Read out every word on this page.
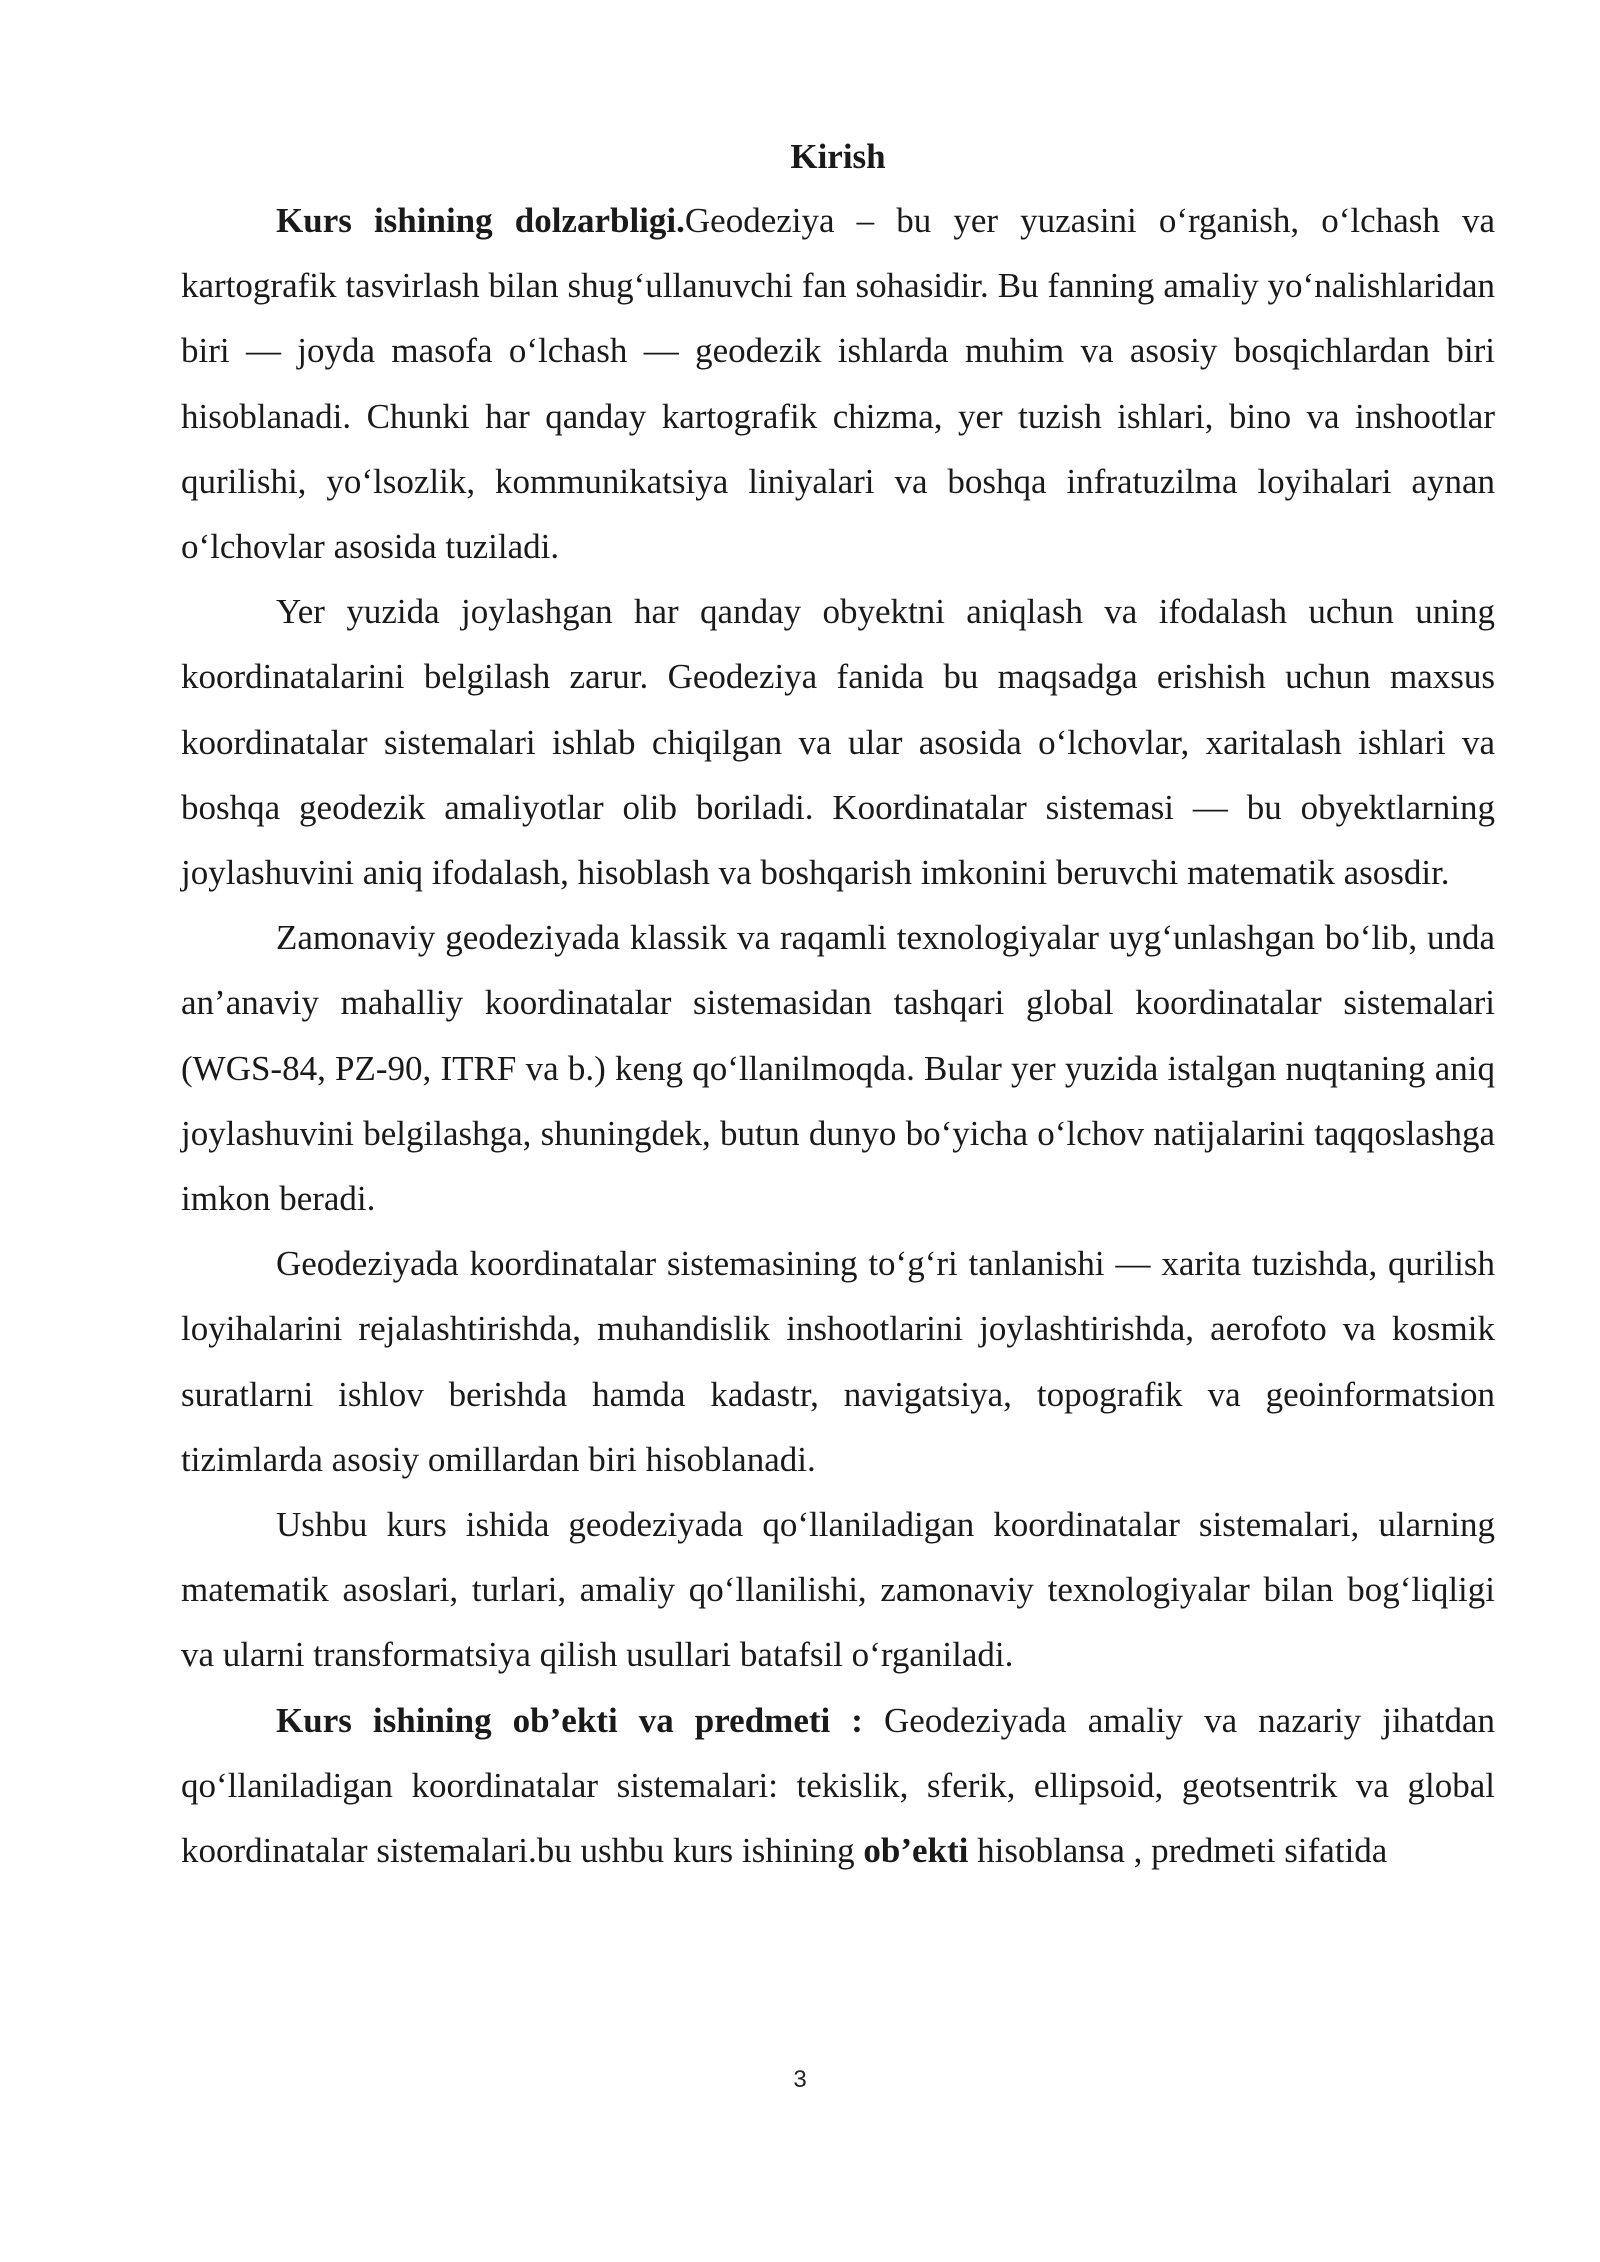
Kirish

Kurs ishining dolzarbligi.Geodeziya – bu yer yuzasini o‘rganish, o‘lchash va kartografik tasvirlash bilan shug‘ullanuvchi fan sohasidir. Bu fanning amaliy yo‘nalishlaridan biri — joyda masofa o‘lchash — geodezik ishlarda muhim va asosiy bosqichlardan biri hisoblanadi. Chunki har qanday kartografik chizma, yer tuzish ishlari, bino va inshootlar qurilishi, yo‘lsozlik, kommunikatsiya liniyalari va boshqa infratuzilma loyihalari aynan o‘lchovlar asosida tuziladi.

Yer yuzida joylashgan har qanday obyektni aniqlash va ifodalash uchun uning koordinatalarini belgilash zarur. Geodeziya fanida bu maqsadga erishish uchun maxsus koordinatalar sistemalari ishlab chiqilgan va ular asosida o‘lchovlar, xaritalash ishlari va boshqa geodezik amaliyotlar olib boriladi. Koordinatalar sistemasi — bu obyektlarning joylashuvini aniq ifodalash, hisoblash va boshqarish imkonini beruvchi matematik asosdir.

Zamonaviy geodeziyada klassik va raqamli texnologiyalar uyg‘unlashgan bo‘lib, unda an’anaviy mahalliy koordinatalar sistemasidan tashqari global koordinatalar sistemalari (WGS-84, PZ-90, ITRF va b.) keng qo‘llanilmoqda. Bular yer yuzida istalgan nuqtaning aniq joylashuvini belgilashga, shuningdek, butun dunyo bo‘yicha o‘lchov natijalarini taqqoslashga imkon beradi.

Geodeziyada koordinatalar sistemasining to‘g‘ri tanlanishi — xarita tuzishda, qurilish loyihalarini rejalashtirishda, muhandislik inshootlarini joylashtirishda, aerofoto va kosmik suratlarni ishlov berishda hamda kadastr, navigatsiya, topografik va geoinformatsion tizimlarda asosiy omillardan biri hisoblanadi.

Ushbu kurs ishida geodeziyada qo‘llaniladigan koordinatalar sistemalari, ularning matematik asoslari, turlari, amaliy qo‘llanilishi, zamonaviy texnologiyalar bilan bog‘liqligi va ularni transformatsiya qilish usullari batafsil o‘rganiladi.

Kurs ishining ob’ekti va predmeti : Geodeziyada amaliy va nazariy jihatdan qo‘llaniladigan koordinatalar sistemalari: tekislik, sferik, ellipsoid, geotsentrik va global koordinatalar sistemalari.bu ushbu kurs ishining ob’ekti hisoblansa , predmeti sifatida

3
